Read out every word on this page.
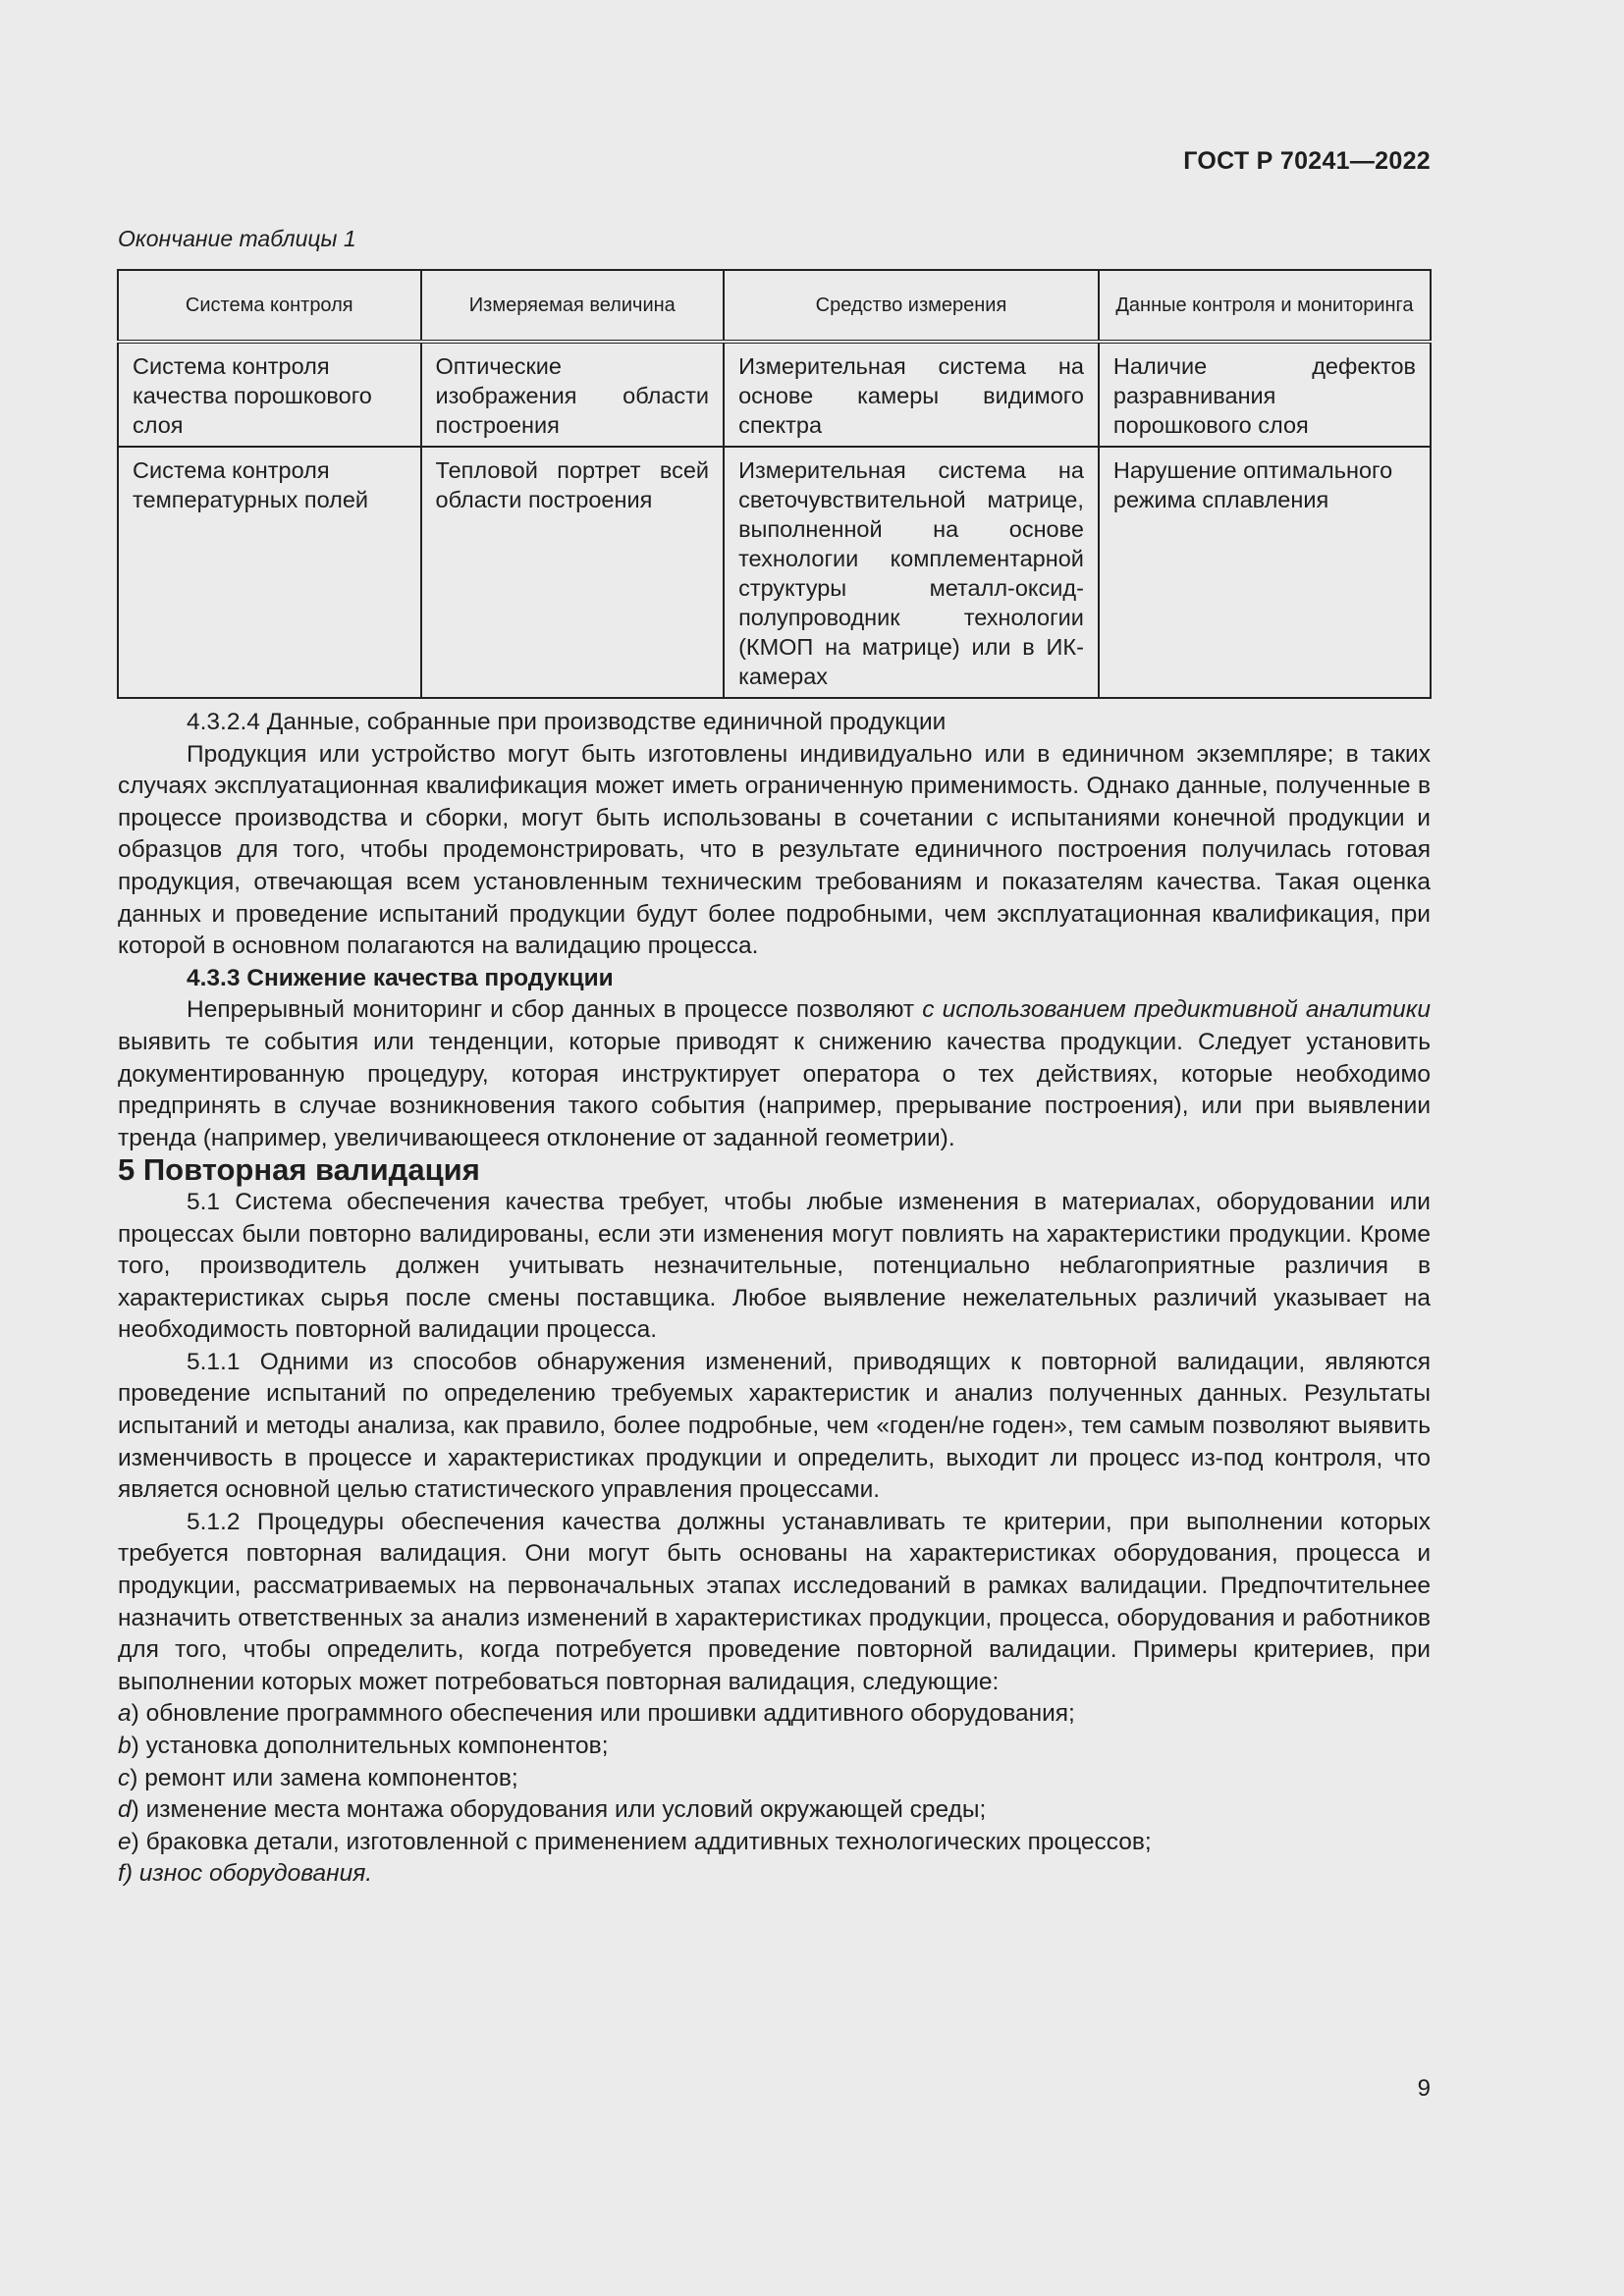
ГОСТ Р 70241—2022
Окончание таблицы 1
Система контроля	Измеряемая величина	Средство измерения	Данные контроля и мониторинга
Система контроля качества порошкового слоя	Оптические изображения области построения	Измерительная система на основе камеры видимого спектра	Наличие дефектов разравнивания порошкового слоя
Система контроля температурных полей	Тепловой портрет всей области построения	Измерительная система на светочувствительной матрице, выполненной на основе технологии комплементарной структуры металл-оксид-полупроводник технологии (КМОП на матрице) или в ИК-камерах	Нарушение оптимального режима сплавления

4.3.2.4 Данные, собранные при производстве единичной продукции

Продукция или устройство могут быть изготовлены индивидуально или в единичном экземпляре; в таких случаях эксплуатационная квалификация может иметь ограниченную применимость. Однако данные, полученные в процессе производства и сборки, могут быть использованы в сочетании с испытаниями конечной продукции и образцов для того, чтобы продемонстрировать, что в результате единичного построения получилась готовая продукция, отвечающая всем установленным техническим требованиям и показателям качества. Такая оценка данных и проведение испытаний продукции будут более подробными, чем эксплуатационная квалификация, при которой в основном полагаются на валидацию процесса.

4.3.3 Снижение качества продукции

Непрерывный мониторинг и сбор данных в процессе позволяют с использованием предиктивной аналитики выявить те события или тенденции, которые приводят к снижению качества продукции. Следует установить документированную процедуру, которая инструктирует оператора о тех действиях, которые необходимо предпринять в случае возникновения такого события (например, прерывание построения), или при выявлении тренда (например, увеличивающееся отклонение от заданной геометрии).

5 Повторная валидация

5.1 Система обеспечения качества требует, чтобы любые изменения в материалах, оборудовании или процессах были повторно валидированы, если эти изменения могут повлиять на характеристики продукции. Кроме того, производитель должен учитывать незначительные, потенциально неблагоприятные различия в характеристиках сырья после смены поставщика. Любое выявление нежелательных различий указывает на необходимость повторной валидации процесса.

5.1.1 Одними из способов обнаружения изменений, приводящих к повторной валидации, являются проведение испытаний по определению требуемых характеристик и анализ полученных данных. Результаты испытаний и методы анализа, как правило, более подробные, чем «годен/не годен», тем самым позволяют выявить изменчивость в процессе и характеристиках продукции и определить, выходит ли процесс из-под контроля, что является основной целью статистического управления процессами.

5.1.2 Процедуры обеспечения качества должны устанавливать те критерии, при выполнении которых требуется повторная валидация. Они могут быть основаны на характеристиках оборудования, процесса и продукции, рассматриваемых на первоначальных этапах исследований в рамках валидации. Предпочтительнее назначить ответственных за анализ изменений в характеристиках продукции, процесса, оборудования и работников для того, чтобы определить, когда потребуется проведение повторной валидации. Примеры критериев, при выполнении которых может потребоваться повторная валидация, следующие:

a) обновление программного обеспечения или прошивки аддитивного оборудования;

b) установка дополнительных компонентов;

c) ремонт или замена компонентов;

d) изменение места монтажа оборудования или условий окружающей среды;

e) браковка детали, изготовленной с применением аддитивных технологических процессов;

f) износ оборудования.

9
